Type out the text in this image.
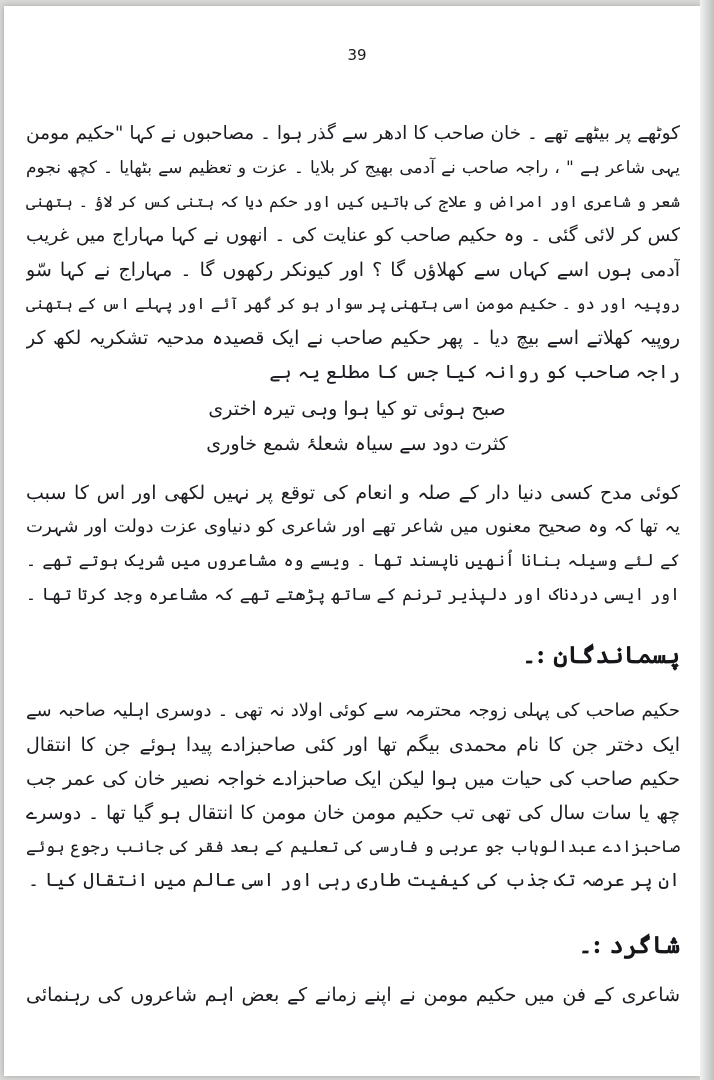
39
کوٹھے پر بیٹھے تھے ۔ خان صاحب کا ادھر سے گذر ہوا ۔ مصاحبوں نے کہا "حکیم مومن
یہی شاعر ہے " ، راجہ صاحب نے آدمی بھیج کر بلایا ۔ عزت و تعظیم سے بٹھایا ۔ کچھ نجوم
شعر و شاعری اور امراض و علاج کی باتیں کیں اور حکم دیا کہ ہتنی کس کر لاؤ ۔ ہتھنی
کس کر لائی گئی ۔ وہ حکیم صاحب کو عنایت کی ۔ انھوں نے کہا مہاراج میں غریب
آدمی ہوں اسے کہاں سے کھلاؤں گا ؟ اور کیونکر رکھوں گا ۔ مہاراج نے کہا سّو
روپیہ اور دو ۔ حکیم مومن اسی ہتھنی پر سوار ہو کر گھر آئے اور پہلے اس کے ہتھنی
روپیہ کھلاتے اسے بیچ دیا ۔ پھر حکیم صاحب نے ایک قصیدہ مدحیہ تشکریہ لکھ کر
راجہ صاحب کو روانہ کیا جس کا مطلع یہ ہے
صبح ہوئی تو کیا ہوا وہی تیرہ اختری
کثرت دود سے سیاہ شعلۂ شمع خاوری
کوئی مدح کسی دنیا دار کے صلہ و انعام کی توقع پر نہیں لکھی اور اس کا سبب
یہ تھا کہ وہ صحیح معنوں میں شاعر تھے اور شاعری کو دنیاوی عزت دولت اور شہرت
کے لئے وسیلہ بنانا اُنھیں ناپسند تھا ۔ ویسے وہ مشاعروں میں شریک ہوتے تھے ۔
اور ایسی دردناک اور دلپذیر ترنم کے ساتھ پڑھتے تھے کہ مشاعرہ وجد کرتا تھا ۔
پسماندگان :۔
حکیم صاحب کی پہلی زوجہ محترمہ سے کوئی اولاد نہ تھی ۔ دوسری اہلیہ صاحبہ سے
ایک دختر جن کا نام محمدی بیگم تھا اور کئی صاحبزادے پیدا ہوئے جن کا انتقال
حکیم صاحب کی حیات میں ہوا لیکن ایک صاحبزادے خواجہ نصیر خان کی عمر جب
چھ یا سات سال کی تھی تب حکیم مومن خان مومن کا انتقال ہو گیا تھا ۔ دوسرے
صاحبزادے عبدالوہاب جو عربی و فارسی کی تعلیم کے بعد فقر کی جانب رجوع ہوئے
ان پر عرصہ تک جذب کی کیفیت طاری رہی اور اسی عالم میں انتقال کیا ۔
شاگرد :۔
شاعری کے فن میں حکیم مومن نے اپنے زمانے کے بعض اہم شاعروں کی رہنمائی
